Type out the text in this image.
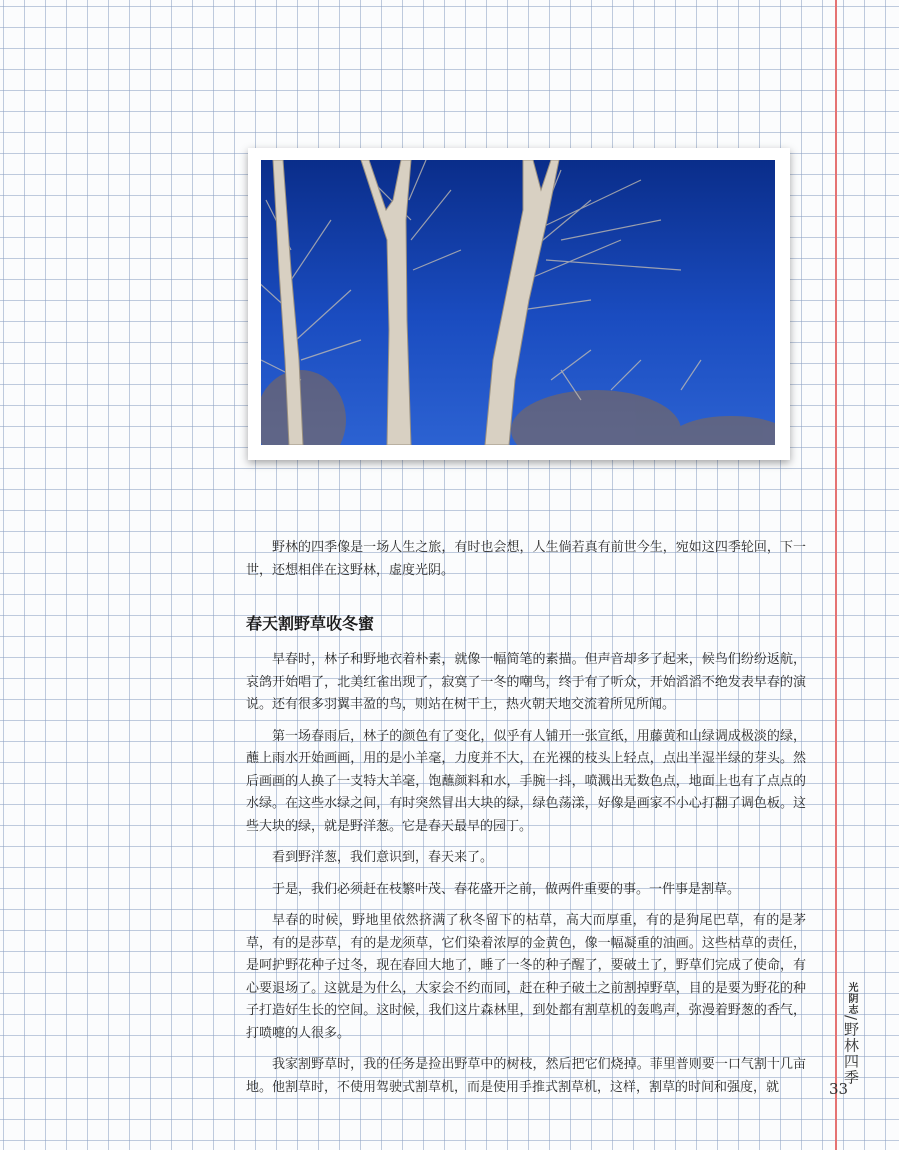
野林的四季像是一场人生之旅，有时也会想，人生倘若真有前世今生，宛如这四季轮回，下一世，还想相伴在这野林，虚度光阴。

春天割野草收冬蜜

早春时，林子和野地衣着朴素，就像一幅简笔的素描。但声音却多了起来，候鸟们纷纷返航，哀鸽开始唱了，北美红雀出现了，寂寞了一冬的嘲鸟，终于有了听众，开始滔滔不绝发表早春的演说。还有很多羽翼丰盈的鸟，则站在树干上，热火朝天地交流着所见所闻。

第一场春雨后，林子的颜色有了变化，似乎有人铺开一张宣纸，用藤黄和山绿调成极淡的绿，蘸上雨水开始画画，用的是小羊毫，力度并不大，在光裸的枝头上轻点，点出半湿半绿的芽头。然后画画的人换了一支特大羊毫，饱蘸颜料和水，手腕一抖，喷溅出无数色点，地面上也有了点点的水绿。在这些水绿之间，有时突然冒出大块的绿，绿色荡漾，好像是画家不小心打翻了调色板。这些大块的绿，就是野洋葱。它是春天最早的园丁。

看到野洋葱，我们意识到，春天来了。

于是，我们必须赶在枝繁叶茂、春花盛开之前，做两件重要的事。一件事是割草。

早春的时候，野地里依然挤满了秋冬留下的枯草，高大而厚重，有的是狗尾巴草，有的是茅草，有的是莎草，有的是龙须草，它们染着浓厚的金黄色，像一幅凝重的油画。这些枯草的责任，是呵护野花种子过冬，现在春回大地了，睡了一冬的种子醒了，要破土了，野草们完成了使命，有心要退场了。这就是为什么，大家会不约而同，赶在种子破土之前割掉野草，目的是要为野花的种子打造好生长的空间。这时候，我们这片森林里，到处都有割草机的轰鸣声，弥漫着野葱的香气，打喷嚏的人很多。

我家割野草时，我的任务是捡出野草中的树枝，然后把它们烧掉。菲里普则要一口气割十几亩地。他割草时，不使用驾驶式割草机，而是使用手推式割草机，这样，割草的时间和强度，就

光阴志/野林四季
33
